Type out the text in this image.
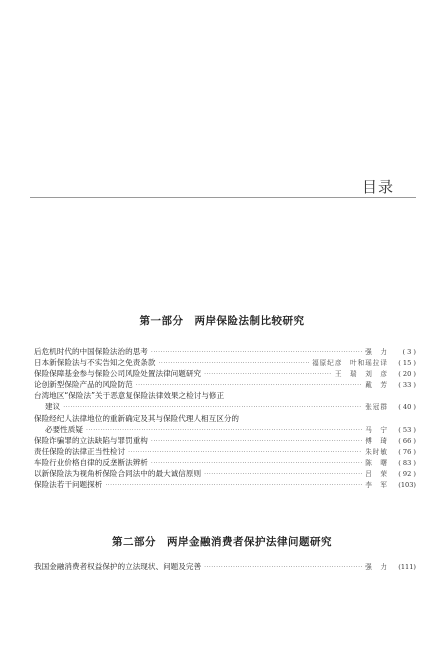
目录
第一部分　两岸保险法制比较研究
后危机时代的中国保险法治的思考 ·····	强　力	( 3 )
日本新保险法与不实告知之免责条款 ·····	福原纪彦　叶和瑶拉译	( 15 )
保险保障基金参与保险公司风险处置法律问题研究 ·····	王　瑞　刘　彦	( 20 )
论创新型保险产品的风险防范 ·····	戴　芳	( 33 )
台湾地区“保险法”关于恶意复保险法律效果之检讨与修正
建议 ·····	张冠群	( 40 )
保险经纪人法律地位的重新确定及其与保险代理人相互区分的
必要性质疑 ·····	马　宁	( 53 )
保险诈骗罪的立法缺陷与罪罚重构 ·····	傅　琦	( 66 )
责任保险的法律正当性检讨 ·····	朱时敏	( 76 )
车险行业价格自律的反垄断法辨析 ·····	陈　曙	( 83 )
以新保险法为视角析保险合同法中的最大诚信原则 ·····	吕　荣	( 92 )
保险法若干问题探析 ·····	李　军	(103)
第二部分　两岸金融消费者保护法律问题研究
我国金融消费者权益保护的立法现状、问题及完善 ·····	强　力	(111)
